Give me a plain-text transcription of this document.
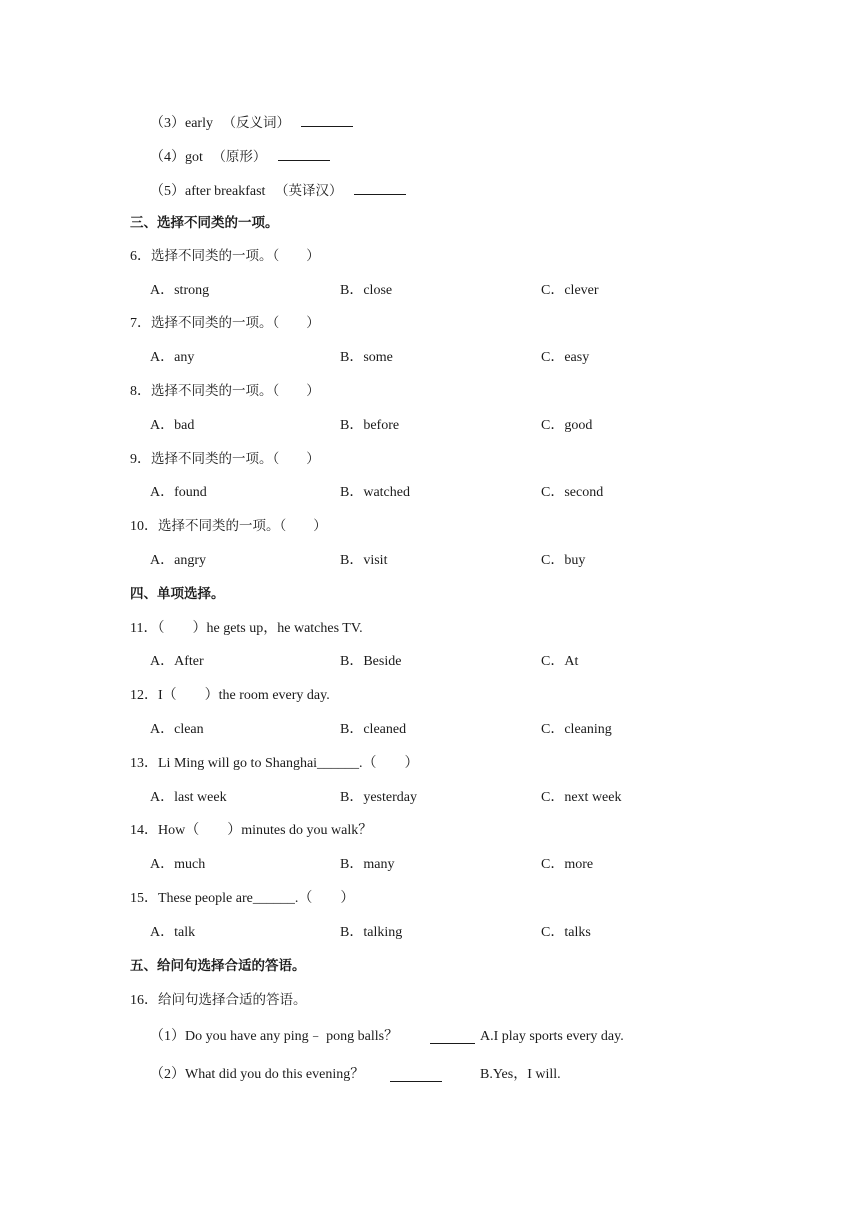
（3）early （反义词）
（4）got （原形）
（5）after breakfast （英译汉）
三、选择不同类的一项。
6．选择不同类的一项。（　　）
A．strong	B．close	C．clever
7．选择不同类的一项。（　　）
A．any	B．some	C．easy
8．选择不同类的一项。（　　）
A．bad	B．before	C．good
9．选择不同类的一项。（　　）
A．found	B．watched	C．second
10．选择不同类的一项。（　　）
A．angry	B．visit	C．buy
四、单项选择。
11．（　　）he gets up，he watches TV.
A．After	B．Beside	C．At
12．I（　　）the room every day.
A．clean	B．cleaned	C．cleaning
13．Li Ming will go to Shanghai______.（　　）
A．last week	B．yesterday	C．next week
14．How（　　）minutes do you walk？
A．much	B．many	C．more
15．These people are______.（　　）
A．talk	B．talking	C．talks
五、给问句选择合适的答语。
16．给问句选择合适的答语。
（1）Do you have any ping﹣ pong balls？	A.I play sports every day.
（2）What did you do this evening？	B.Yes，I will.
